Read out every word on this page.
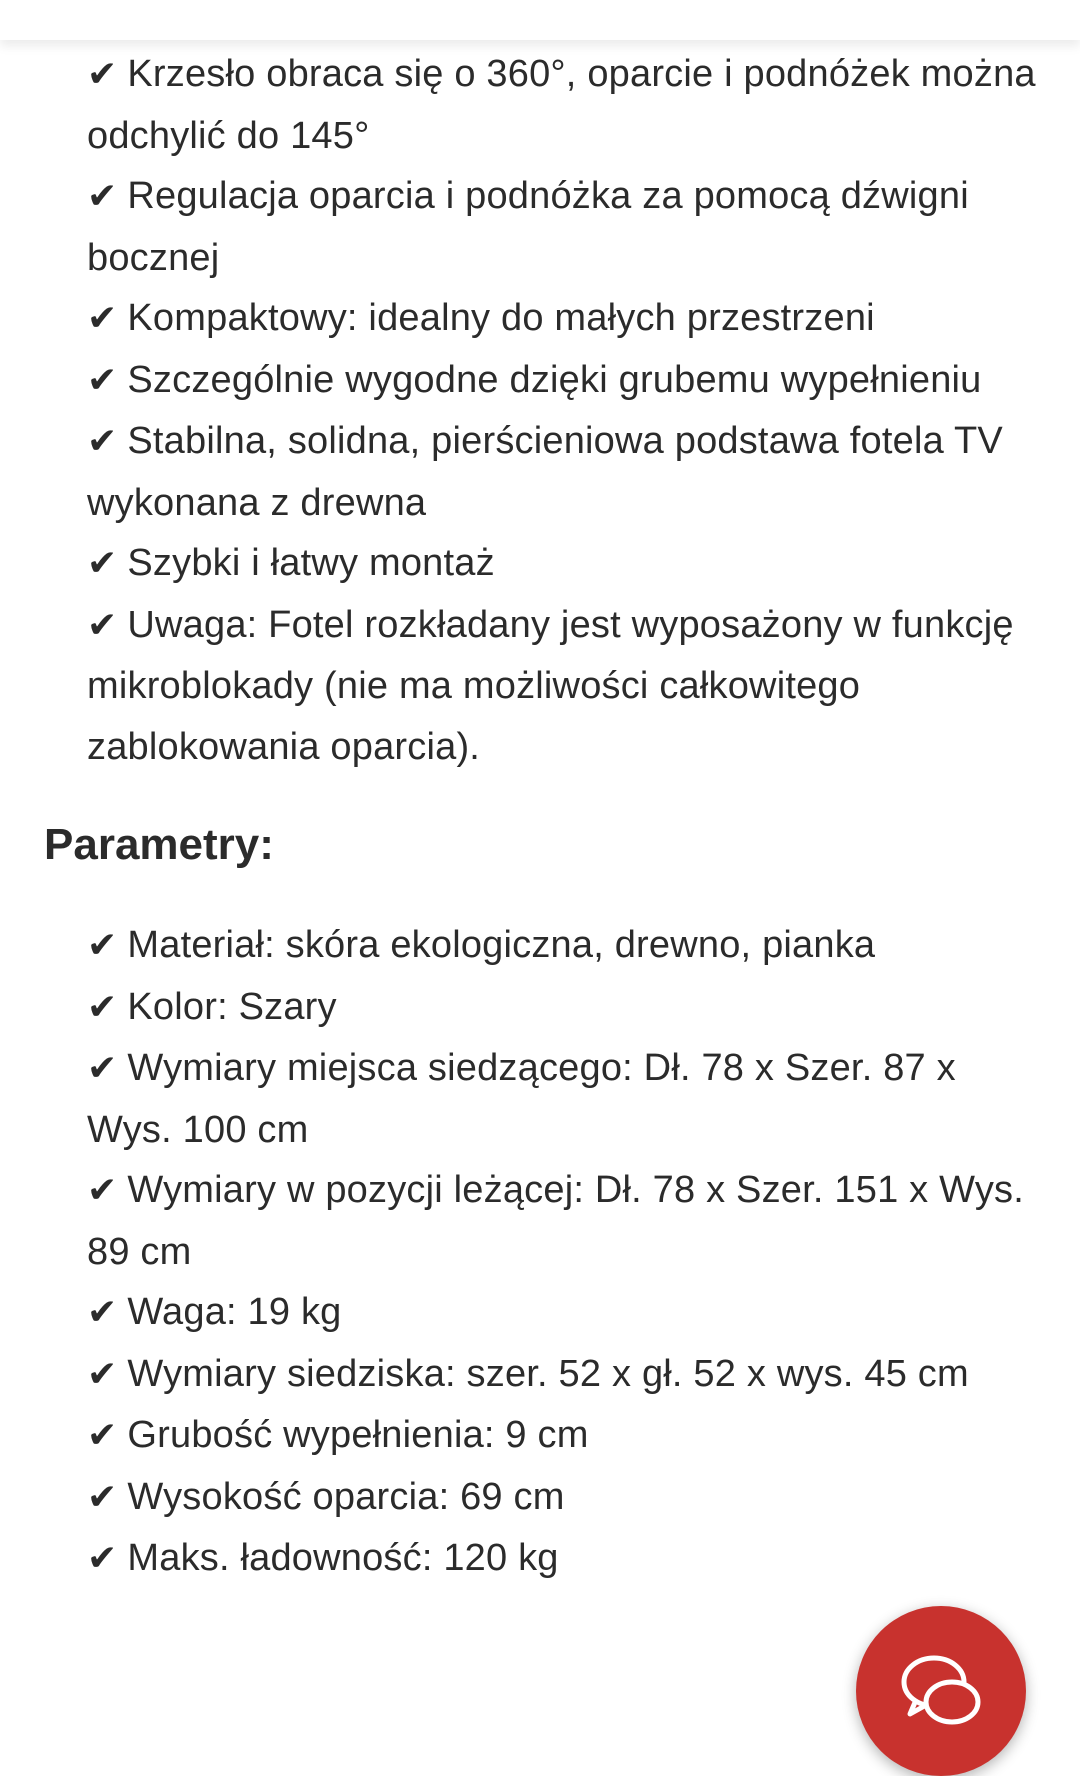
✔ Krzesło obraca się o 360°, oparcie i podnóżek można odchylić do 145°
✔ Regulacja oparcia i podnóżka za pomocą dźwigni bocznej
✔ Kompaktowy: idealny do małych przestrzeni
✔ Szczególnie wygodne dzięki grubemu wypełnieniu
✔ Stabilna, solidna, pierścieniowa podstawa fotela TV wykonana z drewna
✔ Szybki i łatwy montaż
✔ Uwaga: Fotel rozkładany jest wyposażony w funkcję mikroblokady (nie ma możliwości całkowitego zablokowania oparcia).
Parametry:
✔ Materiał: skóra ekologiczna, drewno, pianka
✔ Kolor: Szary
✔ Wymiary miejsca siedzącego: Dł. 78 x Szer. 87 x Wys. 100 cm
✔ Wymiary w pozycji leżącej: Dł. 78 x Szer. 151 x Wys. 89 cm
✔ Waga: 19 kg
✔ Wymiary siedziska: szer. 52 x gł. 52 x wys. 45 cm
✔ Grubość wypełnienia: 9 cm
✔ Wysokość oparcia: 69 cm
✔ Maks. ładowność: 120 kg
